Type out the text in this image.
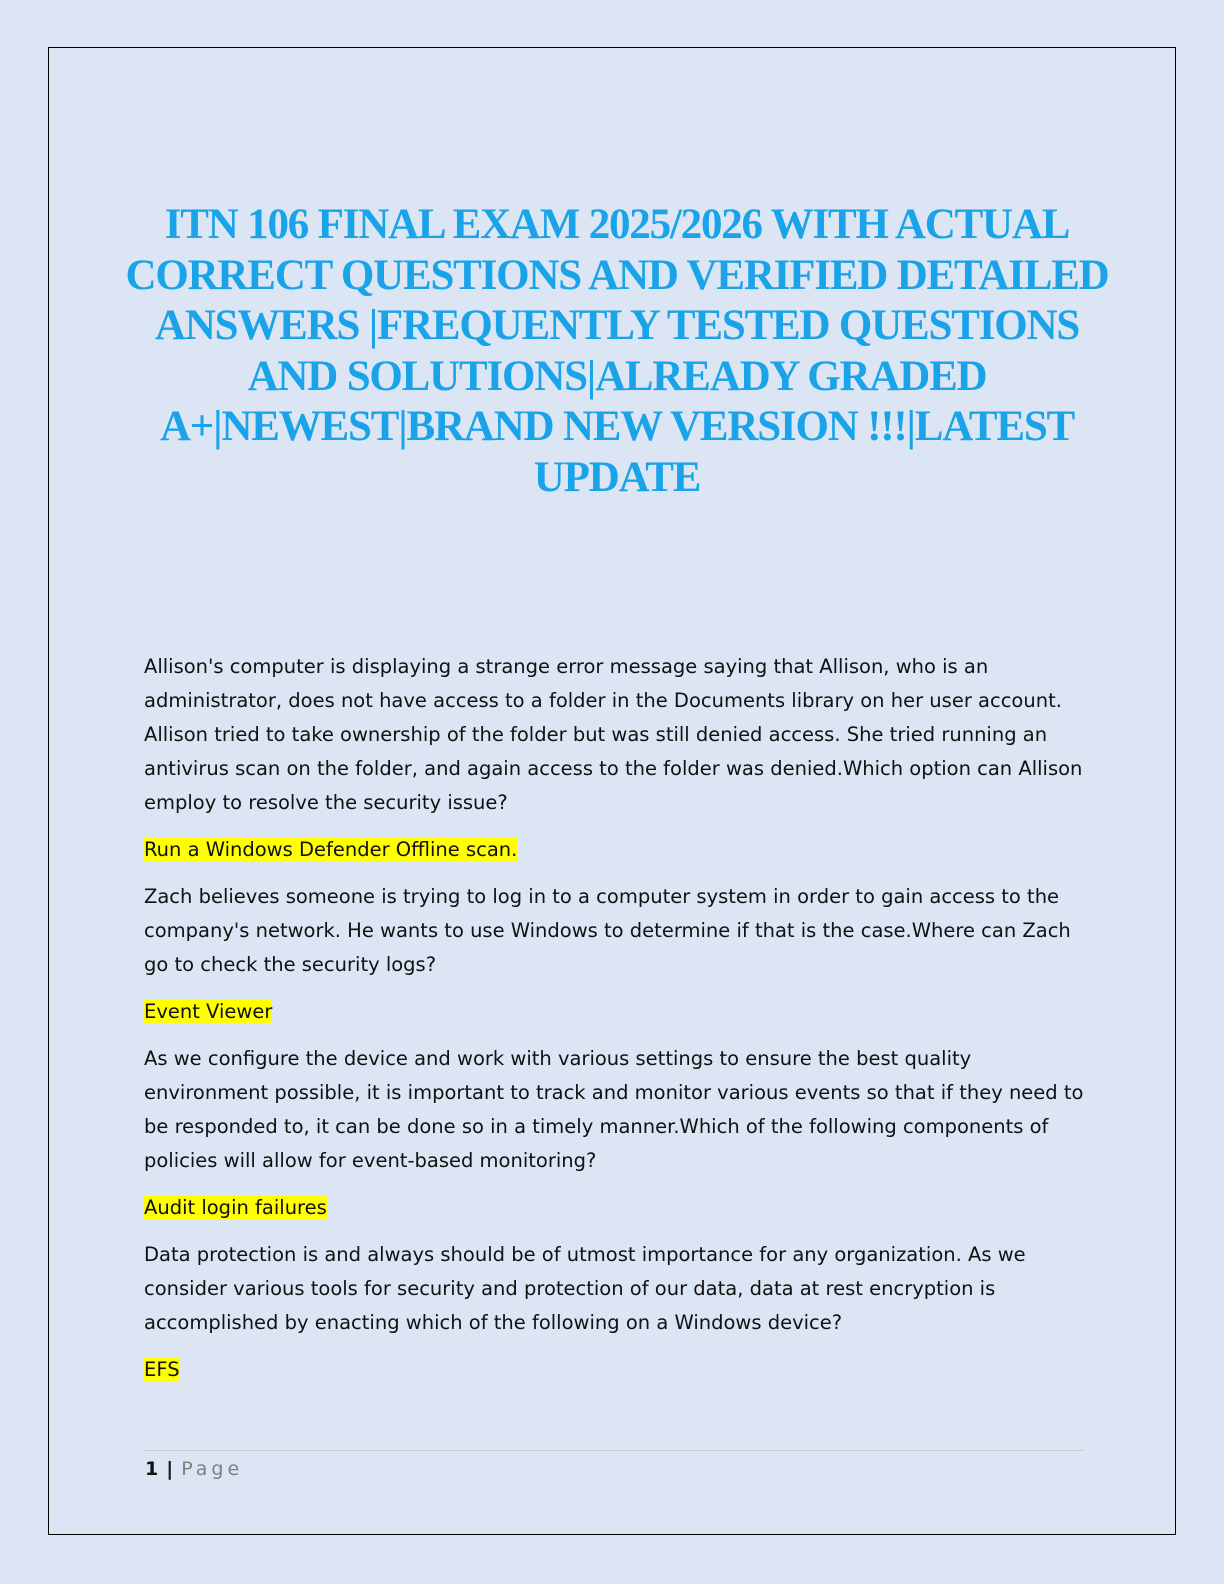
ITN 106 FINAL EXAM 2025/2026 WITH ACTUAL CORRECT QUESTIONS AND VERIFIED DETAILED ANSWERS |FREQUENTLY TESTED QUESTIONS AND SOLUTIONS|ALREADY GRADED A+|NEWEST|BRAND NEW VERSION !!!|LATEST UPDATE

Allison's computer is displaying a strange error message saying that Allison, who is an administrator, does not have access to a folder in the Documents library on her user account. Allison tried to take ownership of the folder but was still denied access. She tried running an antivirus scan on the folder, and again access to the folder was denied.Which option can Allison employ to resolve the security issue?

Run a Windows Defender Offline scan.

Zach believes someone is trying to log in to a computer system in order to gain access to the company's network. He wants to use Windows to determine if that is the case.Where can Zach go to check the security logs?

Event Viewer

As we configure the device and work with various settings to ensure the best quality environment possible, it is important to track and monitor various events so that if they need to be responded to, it can be done so in a timely manner.Which of the following components of policies will allow for event-based monitoring?

Audit login failures

Data protection is and always should be of utmost importance for any organization. As we consider various tools for security and protection of our data, data at rest encryption is accomplished by enacting which of the following on a Windows device?

EFS

1 | Page
